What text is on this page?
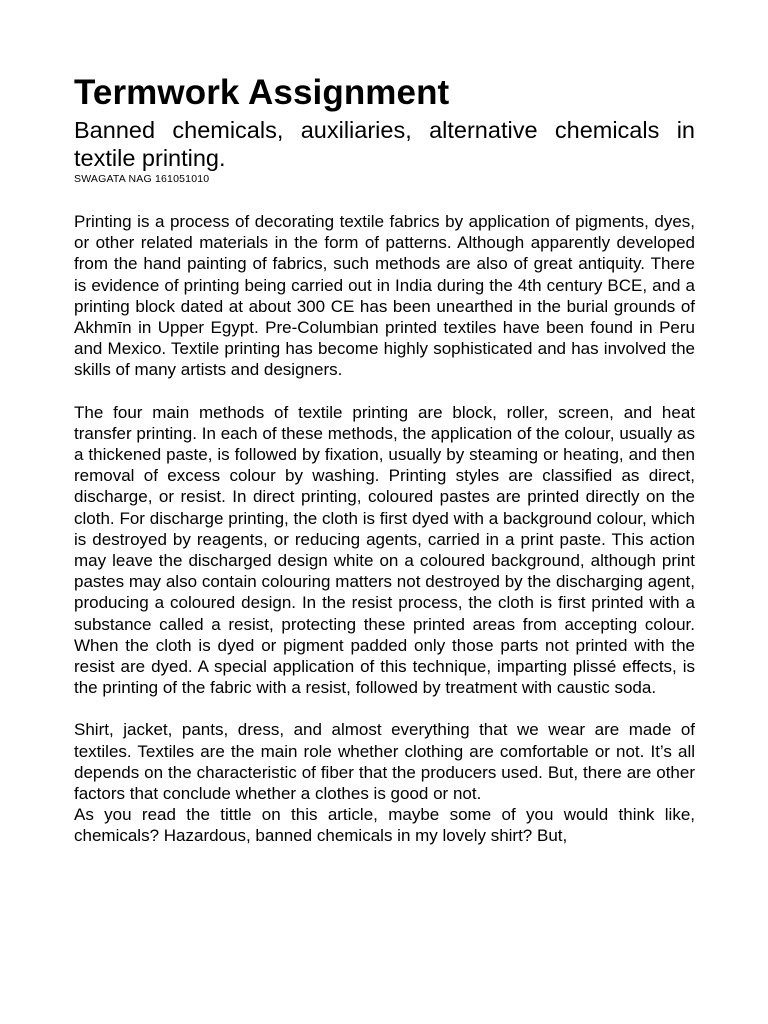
Termwork Assignment
Banned chemicals, auxiliaries, alternative chemicals in textile printing.
SWAGATA NAG 161051010

Printing is a process of decorating textile fabrics by application of pigments, dyes, or other related materials in the form of patterns. Although apparently developed from the hand painting of fabrics, such methods are also of great antiquity. There is evidence of printing being carried out in India during the 4th century BCE, and a printing block dated at about 300 CE has been unearthed in the burial grounds of Akhmīn in Upper Egypt. Pre-Columbian printed textiles have been found in Peru and Mexico. Textile printing has become highly sophisticated and has involved the skills of many artists and designers.

The four main methods of textile printing are block, roller, screen, and heat transfer printing. In each of these methods, the application of the colour, usually as a thickened paste, is followed by fixation, usually by steaming or heating, and then removal of excess colour by washing. Printing styles are classified as direct, discharge, or resist. In direct printing, coloured pastes are printed directly on the cloth. For discharge printing, the cloth is first dyed with a background colour, which is destroyed by reagents, or reducing agents, carried in a print paste. This action may leave the discharged design white on a coloured background, although print pastes may also contain colouring matters not destroyed by the discharging agent, producing a coloured design. In the resist process, the cloth is first printed with a substance called a resist, protecting these printed areas from accepting colour. When the cloth is dyed or pigment padded only those parts not printed with the resist are dyed. A special application of this technique, imparting plissé effects, is the printing of the fabric with a resist, followed by treatment with caustic soda.

Shirt, jacket, pants, dress, and almost everything that we wear are made of textiles. Textiles are the main role whether clothing are comfortable or not. It’s all depends on the characteristic of fiber that the producers used. But, there are other factors that conclude whether a clothes is good or not.

As you read the tittle on this article, maybe some of you would think like, chemicals? Hazardous, banned chemicals in my lovely shirt? But,
